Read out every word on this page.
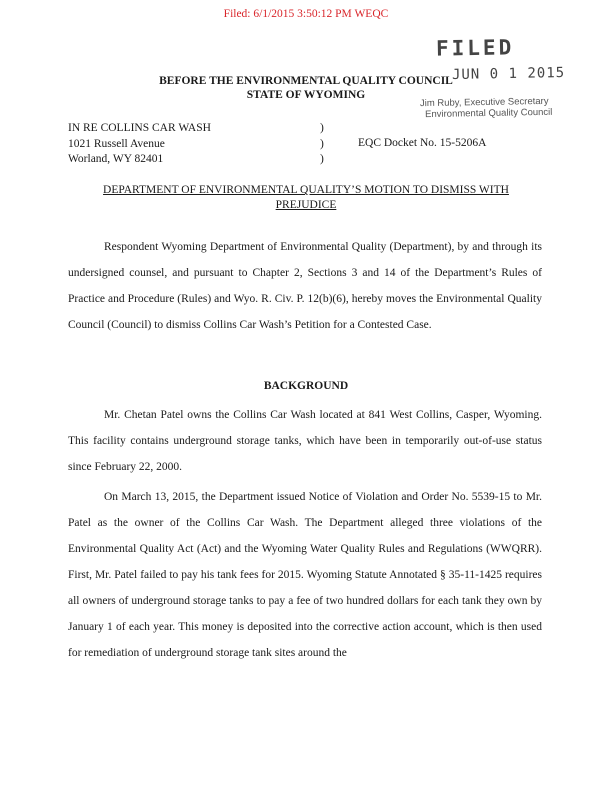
Filed: 6/1/2015 3:50:12 PM WEQC
FILED
JUN 0 1 2015
Jim Ruby, Executive Secretary
Environmental Quality Council
BEFORE THE ENVIRONMENTAL QUALITY COUNCIL
STATE OF WYOMING
IN RE COLLINS CAR WASH
1021 Russell Avenue
Worland, WY 82401
)
)
)
EQC Docket No. 15-5206A
DEPARTMENT OF ENVIRONMENTAL QUALITY’S MOTION TO DISMISS WITH
PREJUDICE

Respondent Wyoming Department of Environmental Quality (Department), by and through its undersigned counsel, and pursuant to Chapter 2, Sections 3 and 14 of the Department’s Rules of Practice and Procedure (Rules) and Wyo. R. Civ. P. 12(b)(6), hereby moves the Environmental Quality Council (Council) to dismiss Collins Car Wash’s Petition for a Contested Case.

BACKGROUND

Mr. Chetan Patel owns the Collins Car Wash located at 841 West Collins, Casper, Wyoming. This facility contains underground storage tanks, which have been in temporarily out-of-use status since February 22, 2000.

On March 13, 2015, the Department issued Notice of Violation and Order No. 5539-15 to Mr. Patel as the owner of the Collins Car Wash. The Department alleged three violations of the Environmental Quality Act (Act) and the Wyoming Water Quality Rules and Regulations (WWQRR). First, Mr. Patel failed to pay his tank fees for 2015. Wyoming Statute Annotated § 35-11-1425 requires all owners of underground storage tanks to pay a fee of two hundred dollars for each tank they own by January 1 of each year. This money is deposited into the corrective action account, which is then used for remediation of underground storage tank sites around the
